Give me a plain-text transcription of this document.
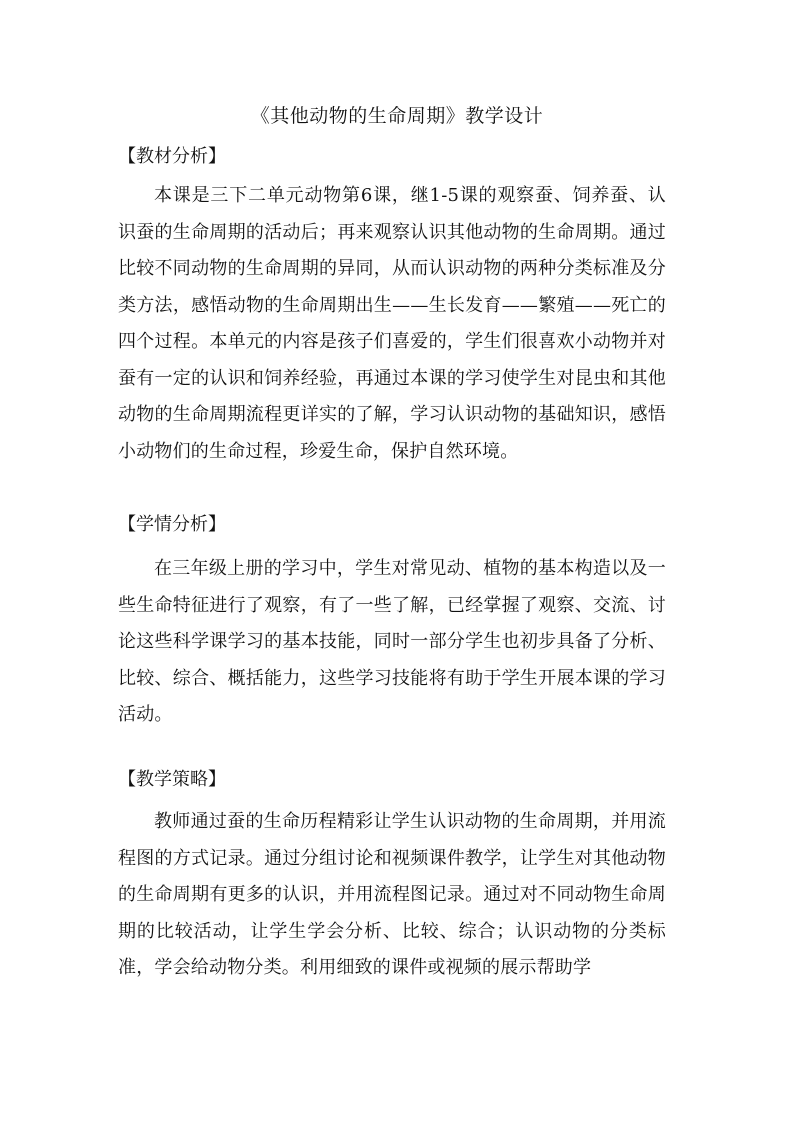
《其他动物的生命周期》教学设计
【教材分析】

本课是三下二单元动物第6课，继1-5课的观察蚕、饲养蚕、认识蚕的生命周期的活动后；再来观察认识其他动物的生命周期。通过比较不同动物的生命周期的异同，从而认识动物的两种分类标准及分类方法，感悟动物的生命周期出生——生长发育——繁殖——死亡的四个过程。本单元的内容是孩子们喜爱的，学生们很喜欢小动物并对蚕有一定的认识和饲养经验，再通过本课的学习使学生对昆虫和其他动物的生命周期流程更详实的了解，学习认识动物的基础知识，感悟小动物们的生命过程，珍爱生命，保护自然环境。

【学情分析】

在三年级上册的学习中，学生对常见动、植物的基本构造以及一些生命特征进行了观察，有了一些了解，已经掌握了观察、交流、讨论这些科学课学习的基本技能，同时一部分学生也初步具备了分析、比较、综合、概括能力，这些学习技能将有助于学生开展本课的学习活动。

【教学策略】

教师通过蚕的生命历程精彩让学生认识动物的生命周期，并用流程图的方式记录。通过分组讨论和视频课件教学，让学生对其他动物的生命周期有更多的认识，并用流程图记录。通过对不同动物生命周期的比较活动，让学生学会分析、比较、综合；认识动物的分类标准，学会给动物分类。利用细致的课件或视频的展示帮助学
